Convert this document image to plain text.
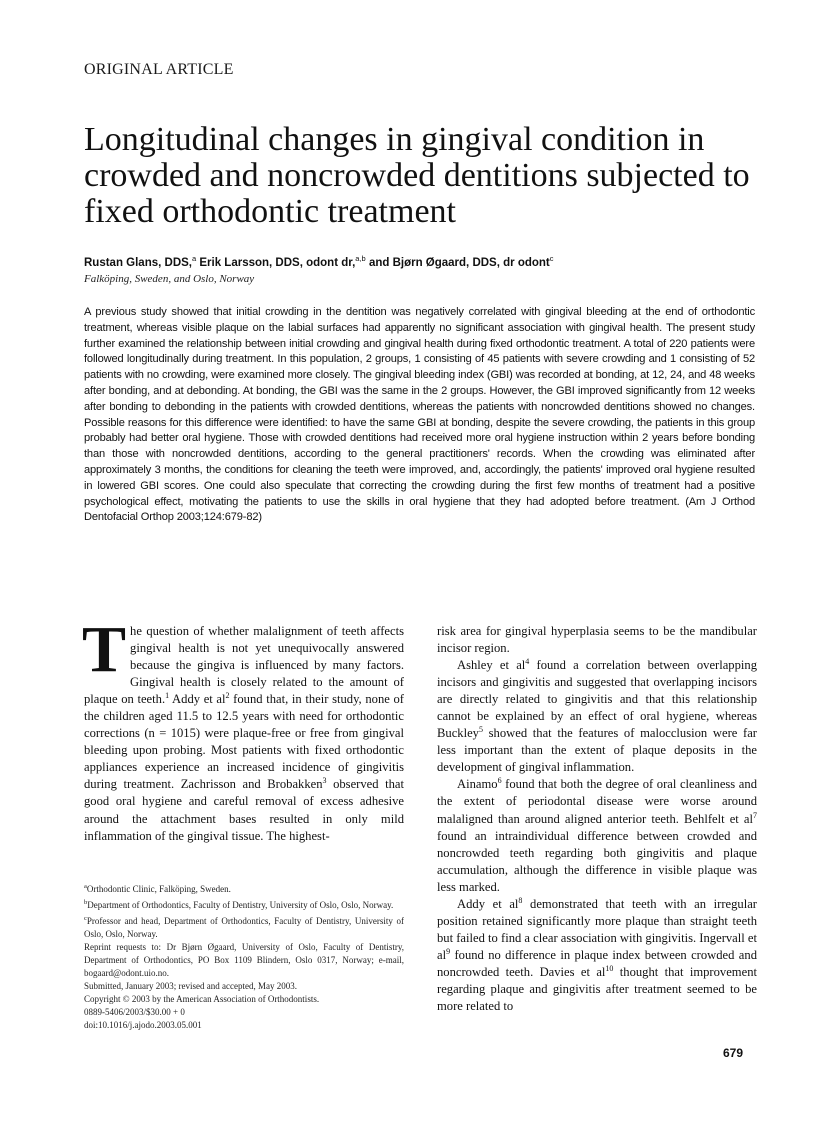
ORIGINAL ARTICLE
Longitudinal changes in gingival condition in crowded and noncrowded dentitions subjected to fixed orthodontic treatment
Rustan Glans, DDS,$^a$ Erik Larsson, DDS, odont dr,$^{a,b}$ and Bjørn Øgaard, DDS, dr odont$^c$
Falköping, Sweden, and Oslo, Norway
A previous study showed that initial crowding in the dentition was negatively correlated with gingival bleeding at the end of orthodontic treatment, whereas visible plaque on the labial surfaces had apparently no significant association with gingival health. The present study further examined the relationship between initial crowding and gingival health during fixed orthodontic treatment. A total of 220 patients were followed longitudinally during treatment. In this population, 2 groups, 1 consisting of 45 patients with severe crowding and 1 consisting of 52 patients with no crowding, were examined more closely. The gingival bleeding index (GBI) was recorded at bonding, at 12, 24, and 48 weeks after bonding, and at debonding. At bonding, the GBI was the same in the 2 groups. However, the GBI improved significantly from 12 weeks after bonding to debonding in the patients with crowded dentitions, whereas the patients with noncrowded dentitions showed no changes. Possible reasons for this difference were identified: to have the same GBI at bonding, despite the severe crowding, the patients in this group probably had better oral hygiene. Those with crowded dentitions had received more oral hygiene instruction within 2 years before bonding than those with noncrowded dentitions, according to the general practitioners' records. When the crowding was eliminated after approximately 3 months, the conditions for cleaning the teeth were improved, and, accordingly, the patients' improved oral hygiene resulted in lowered GBI scores. One could also speculate that correcting the crowding during the first few months of treatment had a positive psychological effect, motivating the patients to use the skills in oral hygiene that they had adopted before treatment. (Am J Orthod Dentofacial Orthop 2003;124:679-82)

The question of whether malalignment of teeth affects gingival health is not yet unequivocally answered because the gingiva is influenced by many factors. Gingival health is closely related to the amount of plaque on teeth.$^1$ Addy et $al^2$ found that, in their study, none of the children aged 11.5 to 12.5 years with need for orthodontic corrections (n = 1015) were plaque-free or free from gingival bleeding upon probing. Most patients with fixed orthodontic appliances experience an increased incidence of gingivitis during treatment. Zachrisson and Brobakken$^3$ observed that good oral hygiene and careful removal of excess adhesive around the attachment bases resulted in only mild inflammation of the gingival tissue. The highest-

$^a$Orthodontic Clinic, Falköping, Sweden.
$^b$Department of Orthodontics, Faculty of Dentistry, University of Oslo, Oslo, Norway.
$^c$Professor and head, Department of Orthodontics, Faculty of Dentistry, University of Oslo, Oslo, Norway.
Reprint requests to: Dr Bjørn Øgaard, University of Oslo, Faculty of Dentistry, Department of Orthodontics, PO Box 1109 Blindern, Oslo 0317, Norway; e-mail, bogaard@odont.uio.no.
Submitted, January 2003; revised and accepted, May 2003.
Copyright © 2003 by the American Association of Orthodontists.
0889-5406/2003/$30.00 + 0
doi:10.1016/j.ajodo.2003.05.001

risk area for gingival hyperplasia seems to be the mandibular incisor region.

Ashley et $al^4$ found a correlation between overlapping incisors and gingivitis and suggested that overlapping incisors are directly related to gingivitis and that this relationship cannot be explained by an effect of oral hygiene, whereas Buckley$^5$ showed that the features of malocclusion were far less important than the extent of plaque deposits in the development of gingival inflammation.

Ainamo$^6$ found that both the degree of oral cleanliness and the extent of periodontal disease were worse around malaligned than around aligned anterior teeth. Behlfelt et $al^7$ found an intraindividual difference between crowded and noncrowded teeth regarding both gingivitis and plaque accumulation, although the difference in visible plaque was less marked.

Addy et $al^8$ demonstrated that teeth with an irregular position retained significantly more plaque than straight teeth but failed to find a clear association with gingivitis. Ingervall et $al^9$ found no difference in plaque index between crowded and noncrowded teeth. Davies et $al^{10}$ thought that improvement regarding plaque and gingivitis after treatment seemed to be more related to

679
